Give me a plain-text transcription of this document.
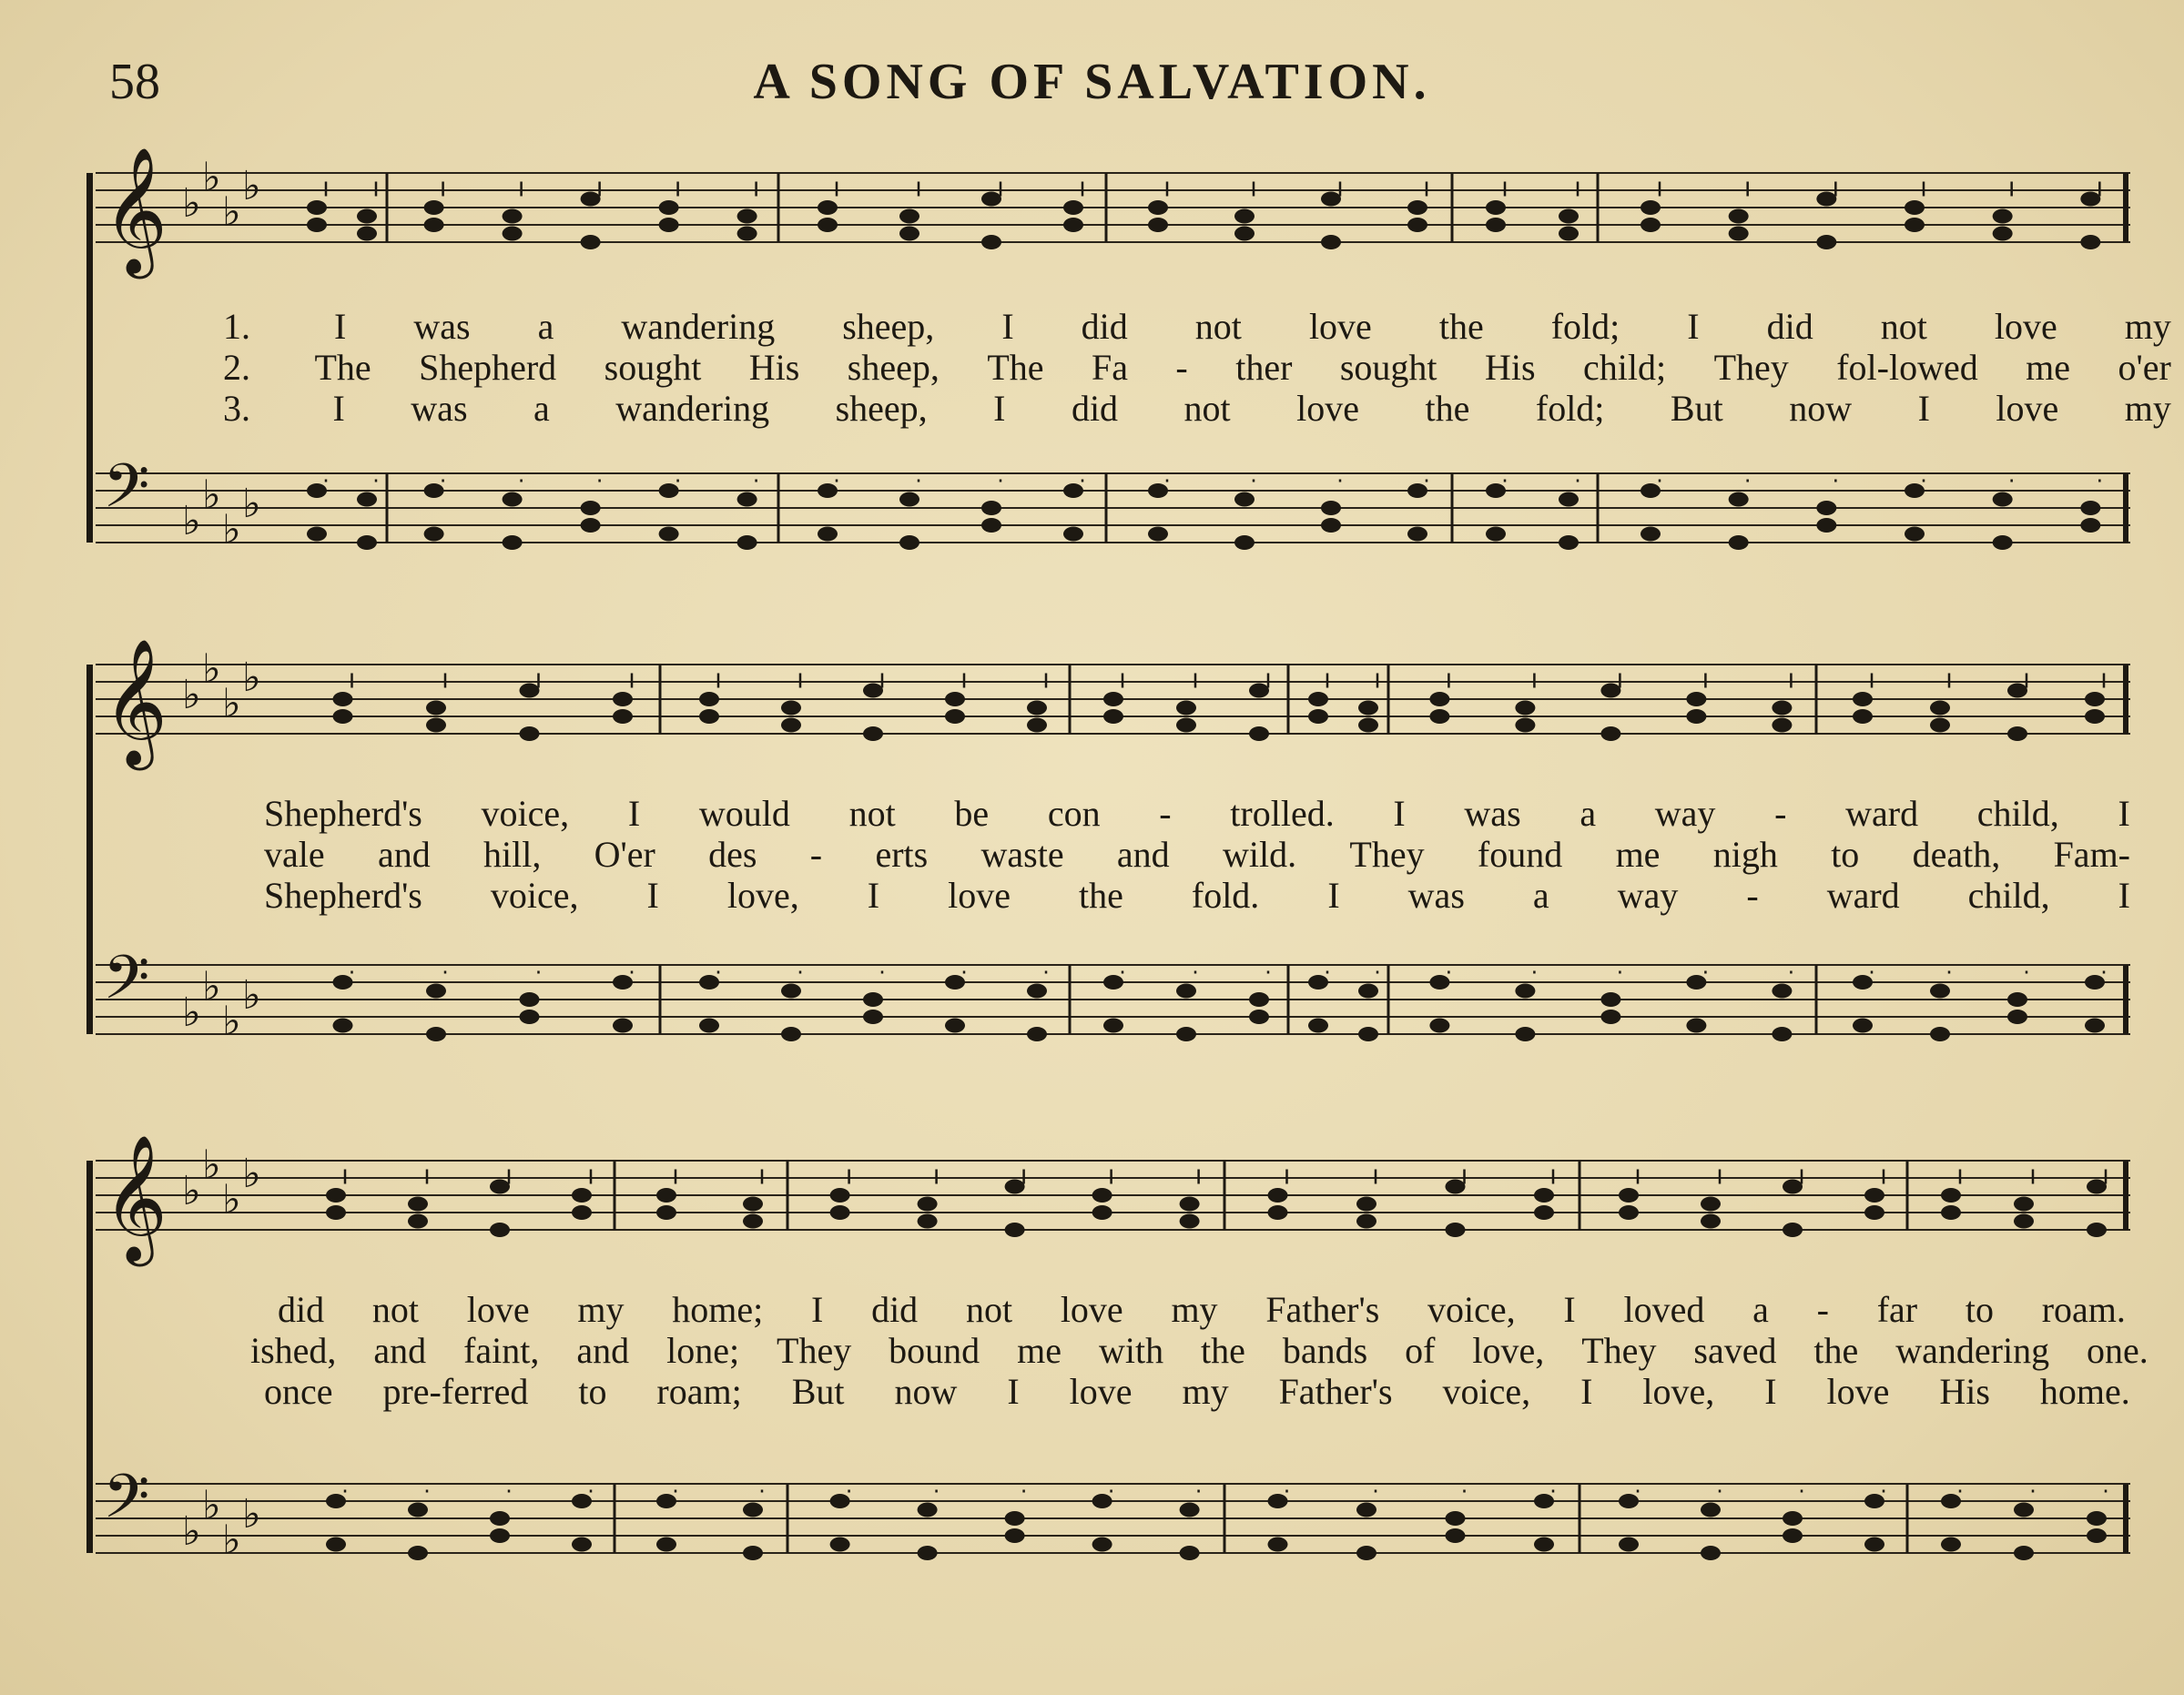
58	A SONG OF SALVATION.
𝄞 ♭
♭
♭
♭
𝄢 ♭
♭
♭
♭
1. I was a wandering sheep, I did not love the fold; I did not love my
2. The Shepherd sought His sheep, The Fa - ther sought His child; They fol-lowed me o'er
3. I was a wandering sheep, I did not love the fold; But now I love my
𝄞 ♭
♭
♭
♭
𝄢 ♭
♭
♭
♭
Shepherd's voice, I would not be con - trolled. I was a way - ward child, I
vale and hill, O'er des - erts waste and wild. They found me nigh to death, Fam-
Shepherd's voice, I love, I love the fold. I was a way - ward child, I
𝄞 ♭
♭
♭
♭
𝄢 ♭
♭
♭
♭
did not love my home; I did not love my Father's voice, I loved a - far to roam.
ished, and faint, and lone; They bound me with the bands of love, They saved the wandering one.
once pre-ferred to roam; But now I love my Father's voice, I love, I love His home.
